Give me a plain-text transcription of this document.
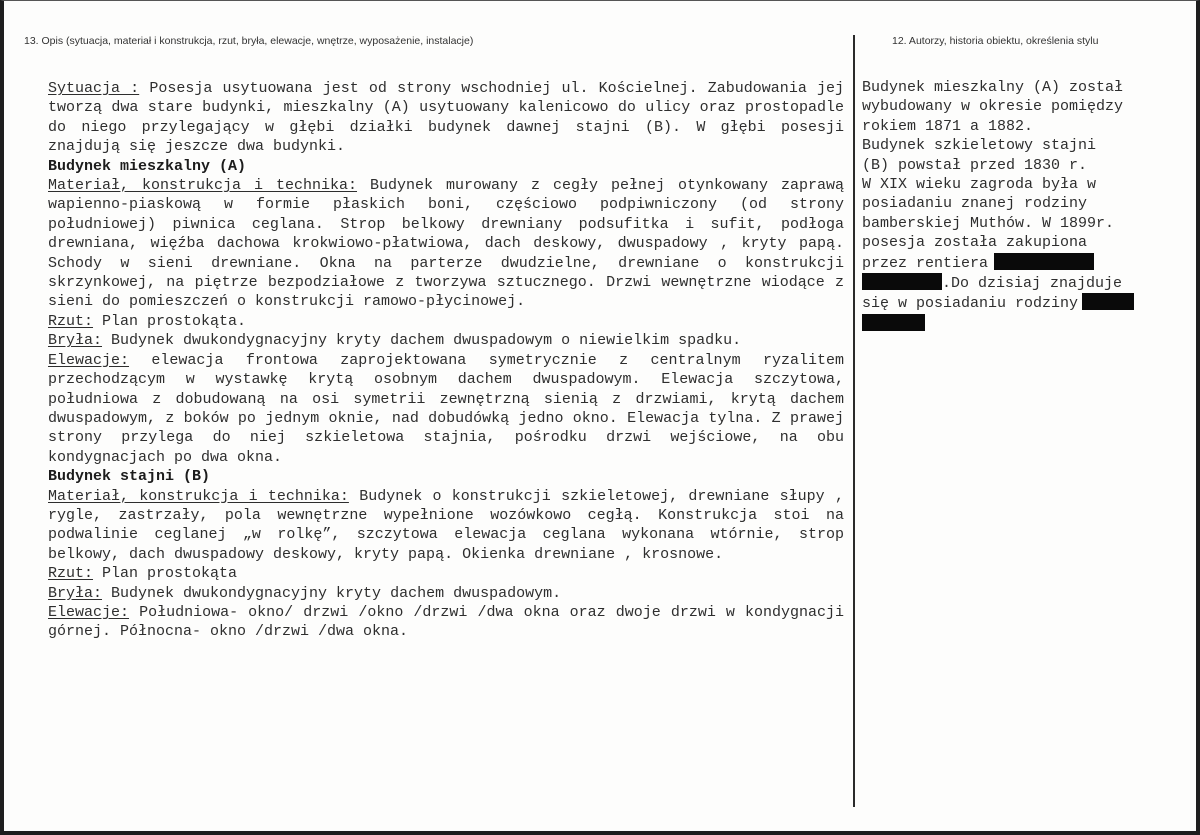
13. Opis (sytuacja, materiał i konstrukcja, rzut, bryła, elewacje, wnętrze, wyposażenie, instalacje)	12. Autorzy, historia obiektu, określenia stylu

Sytuacja : Posesja usytuowana jest od strony wschodniej ul. Kościelnej. Zabudowania jej tworzą dwa stare budynki, mieszkalny (A) usytuowany kalenicowo do ulicy oraz prostopadle do niego przylegający w głębi działki budynek dawnej stajni (B). W głębi posesji znajdują się jeszcze dwa budynki.

Budynek mieszkalny (A)

Materiał, konstrukcja i technika: Budynek murowany z cegły pełnej otynkowany zaprawą wapienno-piaskową w formie płaskich boni, częściowo podpiwniczony (od strony południowej) piwnica ceglana. Strop belkowy drewniany podsufitka i sufit, podłoga drewniana, więźba dachowa krokwiowo-płatwiowa, dach deskowy, dwuspadowy , kryty papą. Schody w sieni drewniane. Okna na parterze dwudzielne, drewniane o konstrukcji skrzynkowej, na piętrze bezpodziałowe z tworzywa sztucznego. Drzwi wewnętrzne wiodące z sieni do pomieszczeń o konstrukcji ramowo-płycinowej.

Rzut: Plan prostokąta.

Bryła: Budynek dwukondygnacyjny kryty dachem dwuspadowym o niewielkim spadku.

Elewacje: elewacja frontowa zaprojektowana symetrycznie z centralnym ryzalitem przechodzącym w wystawkę krytą osobnym dachem dwuspadowym. Elewacja szczytowa, południowa z dobudowaną na osi symetrii zewnętrzną sienią z drzwiami, krytą dachem dwuspadowym, z boków po jednym oknie, nad dobudówką jedno okno. Elewacja tylna. Z prawej strony przylega do niej szkieletowa stajnia, pośrodku drzwi wejściowe, na obu kondygnacjach po dwa okna.

Budynek stajni (B)

Materiał, konstrukcja i technika: Budynek o konstrukcji szkieletowej, drewniane słupy , rygle, zastrzały, pola wewnętrzne wypełnione wozówkowo cegłą. Konstrukcja stoi na podwalinie ceglanej „w rolkę”, szczytowa elewacja ceglana wykonana wtórnie, strop belkowy, dach dwuspadowy deskowy, kryty papą. Okienka drewniane , krosnowe.

Rzut: Plan prostokąta

Bryła: Budynek dwukondygnacyjny kryty dachem dwuspadowym.

Elewacje: Południowa- okno/ drzwi /okno /drzwi /dwa okna oraz dwoje drzwi w kondygnacji górnej. Północna- okno /drzwi /dwa okna.

Budynek mieszkalny (A) został

wybudowany w okresie pomiędzy

rokiem 1871 a 1882.

Budynek szkieletowy stajni

(B) powstał przed 1830 r.

W XIX wieku zagroda była w

posiadaniu znanej rodziny

bamberskiej Muthów. W 1899r.

posesja została zakupiona

przez rentiera

.Do dzisiaj znajduje

się w posiadaniu rodziny
